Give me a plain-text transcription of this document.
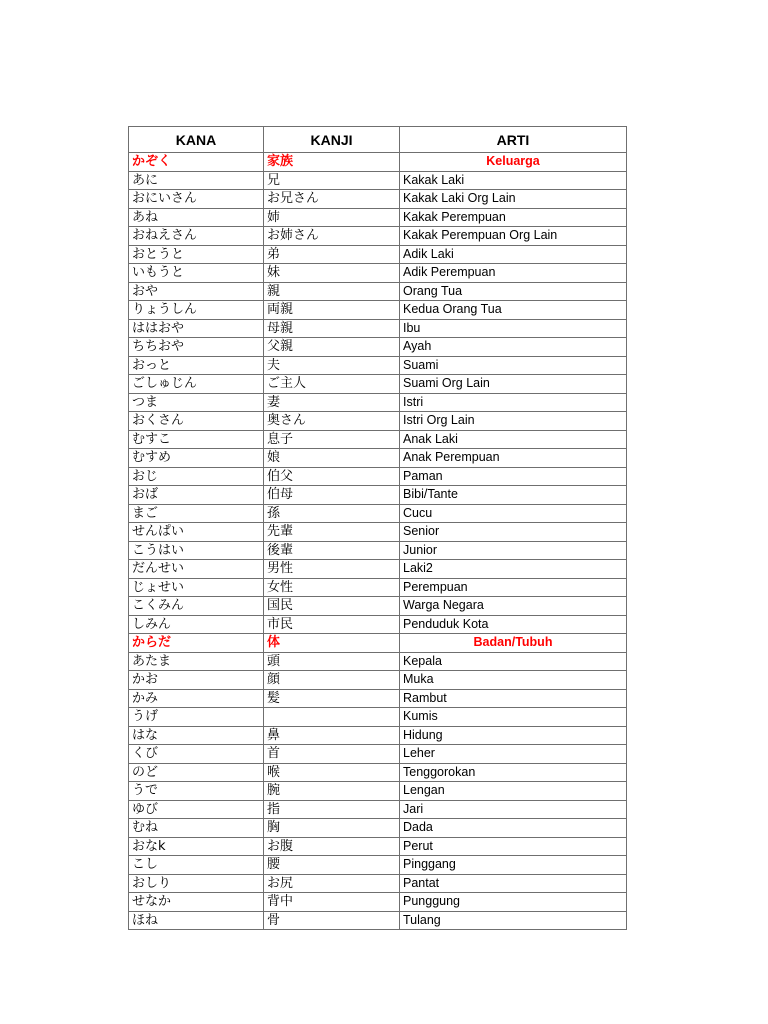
KANA	KANJI	ARTI
かぞく	家族	Keluarga
あに	兄	Kakak Laki
おにいさん	お兄さん	Kakak Laki Org Lain
あね	姉	Kakak Perempuan
おねえさん	お姉さん	Kakak Perempuan Org Lain
おとうと	弟	Adik Laki
いもうと	妹	Adik Perempuan
おや	親	Orang Tua
りょうしん	両親	Kedua Orang Tua
ははおや	母親	Ibu
ちちおや	父親	Ayah
おっと	夫	Suami
ごしゅじん	ご主人	Suami Org Lain
つま	妻	Istri
おくさん	奥さん	Istri Org Lain
むすこ	息子	Anak Laki
むすめ	娘	Anak Perempuan
おじ	伯父	Paman
おば	伯母	Bibi/Tante
まご	孫	Cucu
せんぱい	先輩	Senior
こうはい	後輩	Junior
だんせい	男性	Laki2
じょせい	女性	Perempuan
こくみん	国民	Warga Negara
しみん	市民	Penduduk Kota
からだ	体	Badan/Tubuh
あたま	頭	Kepala
かお	顔	Muka
かみ	髪	Rambut
うげ		Kumis
はな	鼻	Hidung
くび	首	Leher
のど	喉	Tenggorokan
うで	腕	Lengan
ゆび	指	Jari
むね	胸	Dada
おなk	お腹	Perut
こし	腰	Pinggang
おしり	お尻	Pantat
せなか	背中	Punggung
ほね	骨	Tulang
